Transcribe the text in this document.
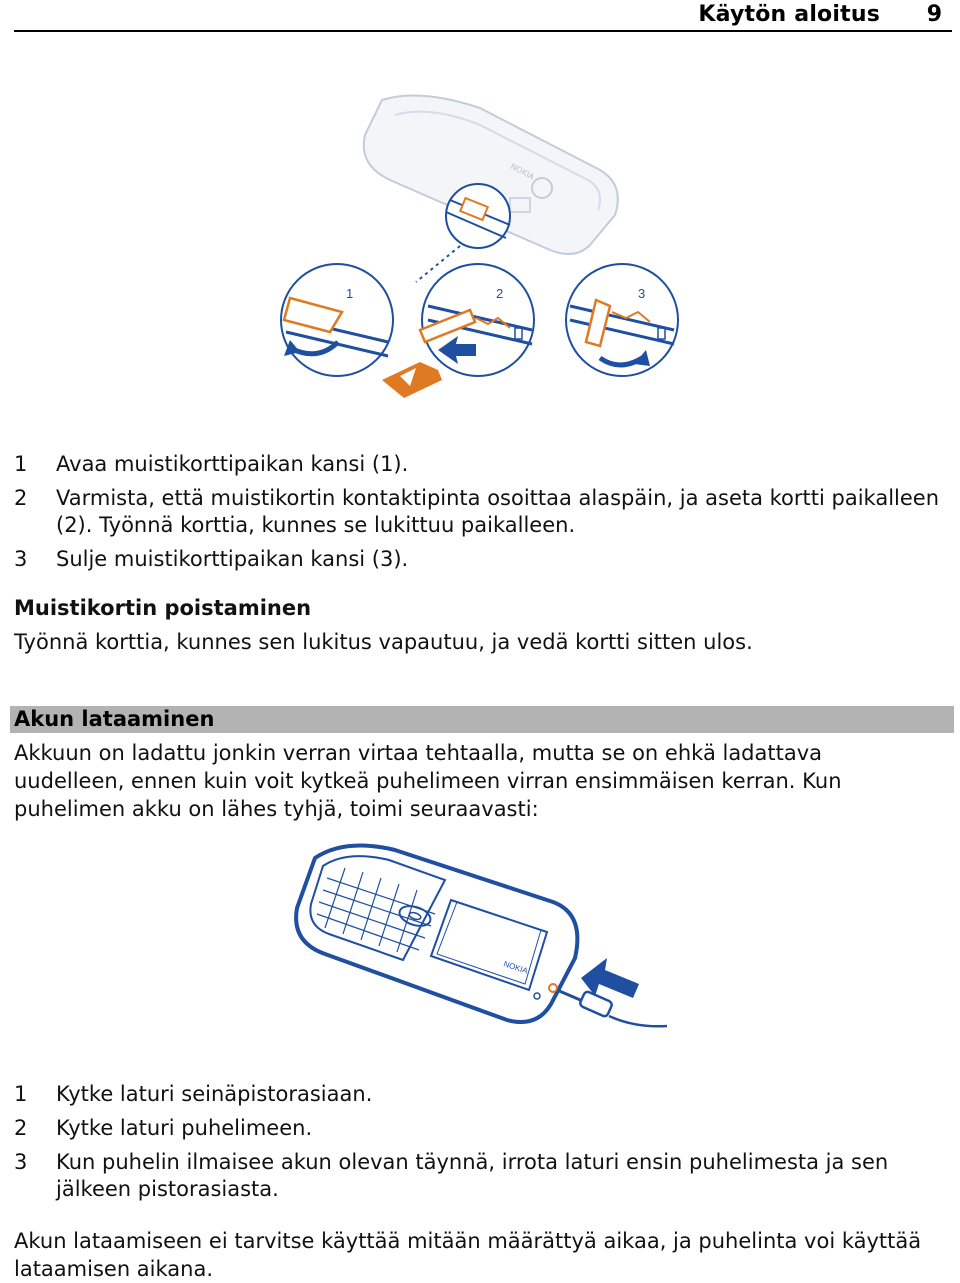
Käytön aloitus 9
NOKIA
1	2	3
1 Avaa muistikorttipaikan kansi (1).
2 Varmista, että muistikortin kontaktipinta osoittaa alaspäin, ja aseta kortti paikalleen (2). Työnnä korttia, kunnes se lukittuu paikalleen.
3 Sulje muistikorttipaikan kansi (3).
Muistikortin poistaminen

Työnnä korttia, kunnes sen lukitus vapautuu, ja vedä kortti sitten ulos.

Akun lataaminen

Akkuun on ladattu jonkin verran virtaa tehtaalla, mutta se on ehkä ladattava uudelleen, ennen kuin voit kytkeä puhelimeen virran ensimmäisen kerran. Kun puhelimen akku on lähes tyhjä, toimi seuraavasti:

NOKIA
1 Kytke laturi seinäpistorasiaan.
2 Kytke laturi puhelimeen.
3 Kun puhelin ilmaisee akun olevan täynnä, irrota laturi ensin puhelimesta ja sen jälkeen pistorasiasta.

Akun lataamiseen ei tarvitse käyttää mitään määrättyä aikaa, ja puhelinta voi käyttää lataamisen aikana.
